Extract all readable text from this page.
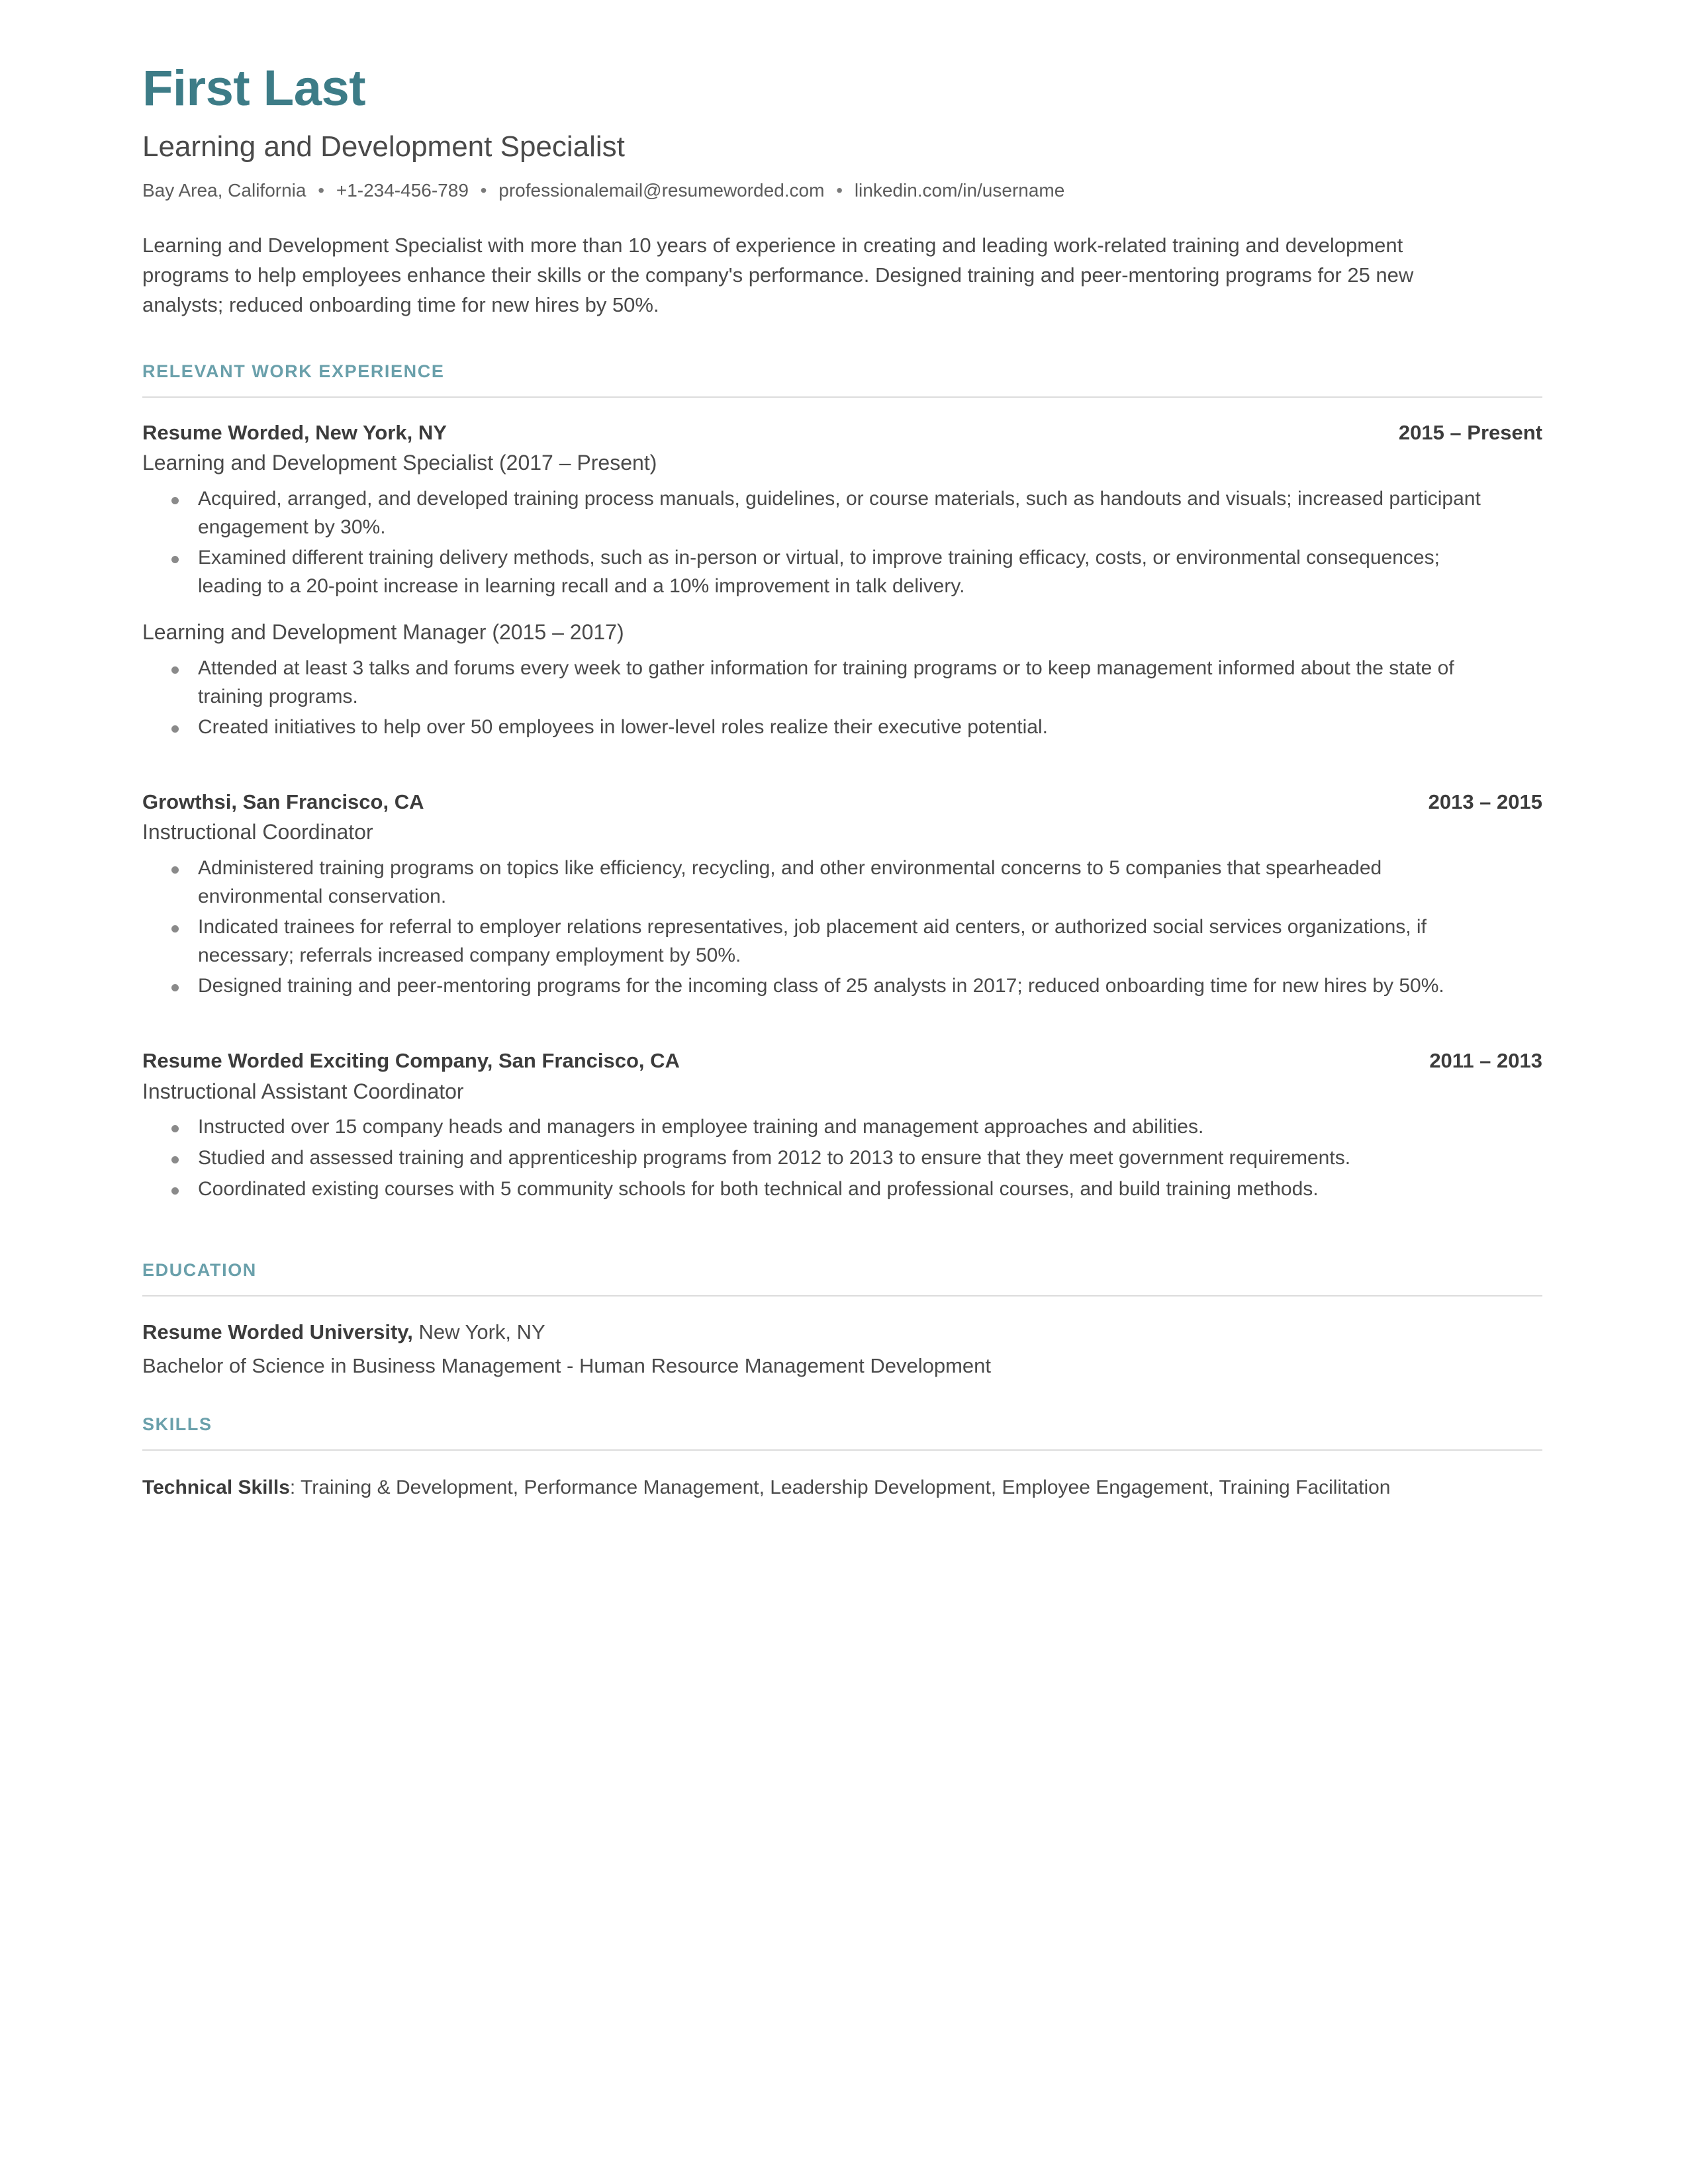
First Last
Learning and Development Specialist
Bay Area, California • +1-234-456-789 • professionalemail@resumeworded.com • linkedin.com/in/username

Learning and Development Specialist with more than 10 years of experience in creating and leading work-related training and development programs to help employees enhance their skills or the company's performance. Designed training and peer-mentoring programs for 25 new analysts; reduced onboarding time for new hires by 50%.

RELEVANT WORK EXPERIENCE
Resume Worded, New York, NY	2015 – Present
Learning and Development Specialist (2017 – Present)
Acquired, arranged, and developed training process manuals, guidelines, or course materials, such as handouts and visuals; increased participant engagement by 30%.
Examined different training delivery methods, such as in-person or virtual, to improve training efficacy, costs, or environmental consequences; leading to a 20-point increase in learning recall and a 10% improvement in talk delivery.
Learning and Development Manager (2015 – 2017)
Attended at least 3 talks and forums every week to gather information for training programs or to keep management informed about the state of training programs.
Created initiatives to help over 50 employees in lower-level roles realize their executive potential.
Growthsi, San Francisco, CA	2013 – 2015
Instructional Coordinator
Administered training programs on topics like efficiency, recycling, and other environmental concerns to 5 companies that spearheaded environmental conservation.
Indicated trainees for referral to employer relations representatives, job placement aid centers, or authorized social services organizations, if necessary; referrals increased company employment by 50%.
Designed training and peer-mentoring programs for the incoming class of 25 analysts in 2017; reduced onboarding time for new hires by 50%.
Resume Worded Exciting Company, San Francisco, CA	2011 – 2013
Instructional Assistant Coordinator
Instructed over 15 company heads and managers in employee training and management approaches and abilities.
Studied and assessed training and apprenticeship programs from 2012 to 2013 to ensure that they meet government requirements.
Coordinated existing courses with 5 community schools for both technical and professional courses, and build training methods.
EDUCATION
Resume Worded University, New York, NY
Bachelor of Science in Business Management - Human Resource Management Development
SKILLS
Technical Skills: Training & Development, Performance Management, Leadership Development, Employee Engagement, Training Facilitation
